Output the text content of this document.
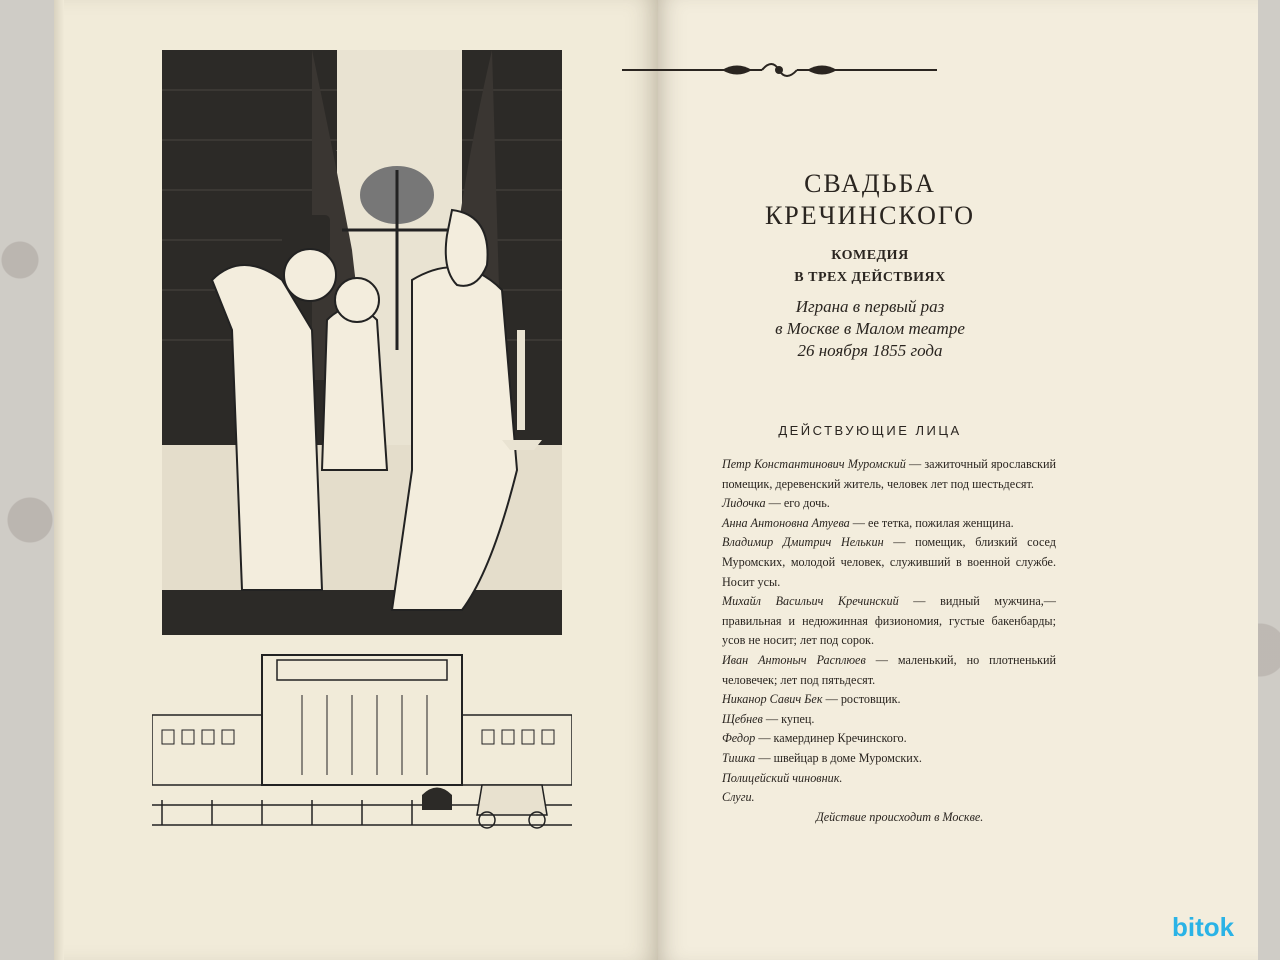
СВАДЬБА
КРЕЧИНСКОГО
КОМЕДИЯ
В ТРЕХ ДЕЙСТВИЯХ
Играна в первый раз
в Москве в Малом театре
26 ноября 1855 года
ДЕЙСТВУЮЩИЕ ЛИЦА

Петр Константинович Муромский — зажиточный ярославский помещик, деревенский житель, человек лет под шестьдесят.

Лидочка — его дочь.

Анна Антоновна Атуева — ее тетка, пожилая женщина.

Владимир Дмитрич Нелькин — помещик, близкий сосед Муромских, молодой человек, служивший в военной службе. Носит усы.

Михайл Васильич Кречинский — видный мужчина,— правильная и недюжинная физиономия, густые бакенбарды; усов не носит; лет под сорок.

Иван Антоныч Расплюев — маленький, но плотненький человечек; лет под пятьдесят.

Никанор Савич Бек — ростовщик.

Щебнев — купец.

Федор — камердинер Кречинского.

Тишка — швейцар в доме Муромских.

Полицейский чиновник.

Слуги.

Действие происходит в Москве.

bitok
